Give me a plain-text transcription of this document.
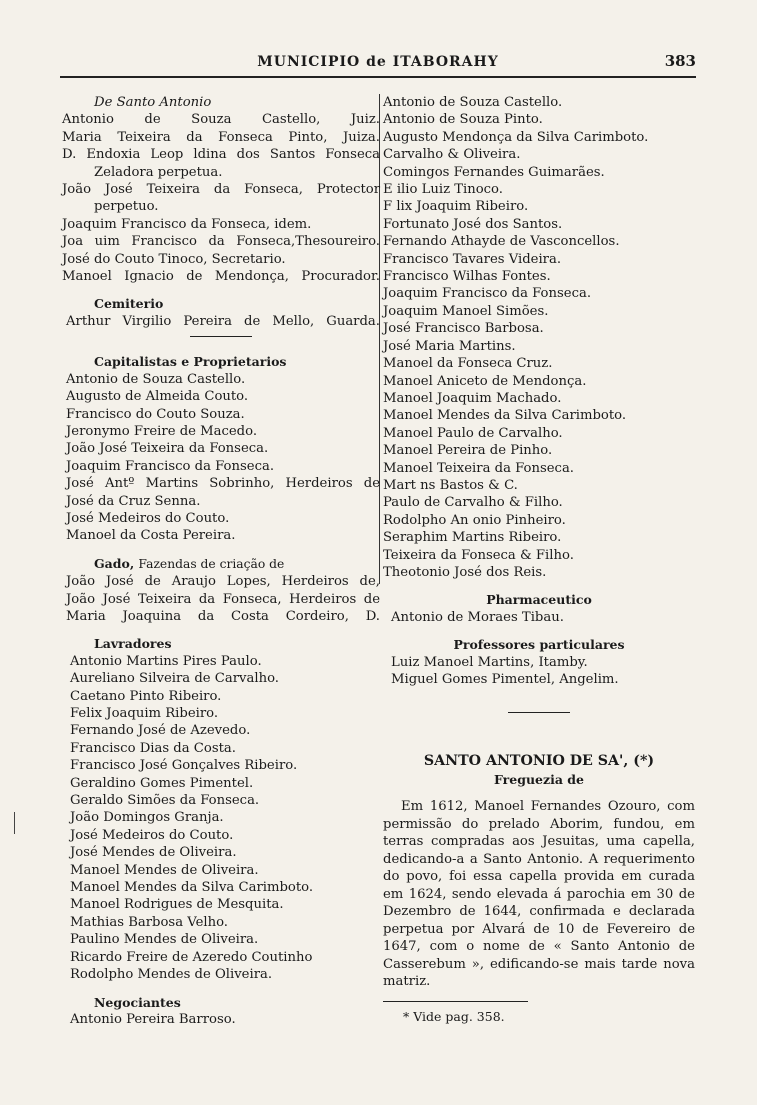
MUNICIPIO de ITABORAHY	383
De Santo Antonio
Antonio de Souza Castello, Juiz.
Maria Teixeira da Fonseca Pinto, Juiza.
D. Endoxia Leop ldina dos Santos Fonseca
Zeladora perpetua.
João José Teixeira da Fonseca, Protector
perpetuo.
Joaquim Francisco da Fonseca, idem.
Joa uim Francisco da Fonseca,Thesoureiro.
José do Couto Tinoco, Secretario.
Manoel Ignacio de Mendonça, Procurador.
Cemiterio
Arthur Virgilio Pereira de Mello, Guarda.
Capitalistas e Proprietarios
Antonio de Souza Castello.
Augusto de Almeida Couto.
Francisco do Couto Souza.
Jeronymo Freire de Macedo.
João José Teixeira da Fonseca.
Joaquim Francisco da Fonseca.
José Antº Martins Sobrinho, Herdeiros de
José da Cruz Senna.
José Medeiros do Couto.
Manoel da Costa Pereira.
Gado, Fazendas de criação de
João José de Araujo Lopes, Herdeiros de,
João José Teixeira da Fonseca, Herdeiros de
Maria Joaquina da Costa Cordeiro, D.
Lavradores
Antonio Martins Pires Paulo.
Aureliano Silveira de Carvalho.
Caetano Pinto Ribeiro.
Felix Joaquim Ribeiro.
Fernando José de Azevedo.
Francisco Dias da Costa.
Francisco José Gonçalves Ribeiro.
Geraldino Gomes Pimentel.
Geraldo Simões da Fonseca.
João Domingos Granja.
José Medeiros do Couto.
José Mendes de Oliveira.
Manoel Mendes de Oliveira.
Manoel Mendes da Silva Carimboto.
Manoel Rodrigues de Mesquita.
Mathias Barbosa Velho.
Paulino Mendes de Oliveira.
Ricardo Freire de Azeredo Coutinho
Rodolpho Mendes de Oliveira.
Negociantes
Antonio Pereira Barroso.
Antonio de Souza Castello.
Antonio de Souza Pinto.
Augusto Mendonça da Silva Carimboto.
Carvalho & Oliveira.
Comingos Fernandes Guimarães.
E ilio Luiz Tinoco.
F lix Joaquim Ribeiro.
Fortunato José dos Santos.
Fernando Athayde de Vasconcellos.
Francisco Tavares Videira.
Francisco Wilhas Fontes.
Joaquim Francisco da Fonseca.
Joaquim Manoel Simões.
José Francisco Barbosa.
José Maria Martins.
Manoel da Fonseca Cruz.
Manoel Aniceto de Mendonça.
Manoel Joaquim Machado.
Manoel Mendes da Silva Carimboto.
Manoel Paulo de Carvalho.
Manoel Pereira de Pinho.
Manoel Teixeira da Fonseca.
Mart ns Bastos & C.
Paulo de Carvalho & Filho.
Rodolpho An onio Pinheiro.
Seraphim Martins Ribeiro.
Teixeira da Fonseca & Filho.
Theotonio José dos Reis.
Pharmaceutico
Antonio de Moraes Tibau.
Professores particulares
Luiz Manoel Martins, Itamby.
Miguel Gomes Pimentel, Angelim.
SANTO ANTONIO DE SA', (*)
Freguezia de
Em 1612, Manoel Fernandes Ozouro, com permissão do prelado Aborim, fundou, em terras compradas aos Jesuitas, uma capella, dedicando-a a Santo Antonio. A requerimento do povo, foi essa capella provida em curada em 1624, sendo elevada á parochia em 30 de Dezembro de 1644, confirmada e declarada perpetua por Alvará de 10 de Fevereiro de 1647, com o nome de « Santo Antonio de Casserebum », edificando-se mais tarde nova matriz.
* Vide pag. 358.
